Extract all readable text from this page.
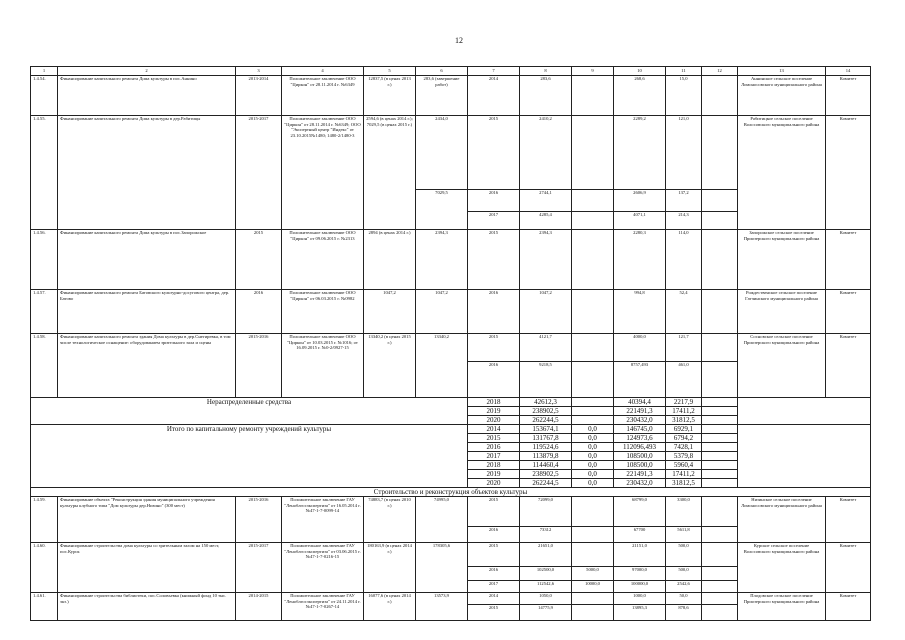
12
1	2	3	4	5	6	7	8	9	10	11	12	13	14
1.4.54.	Финансирование капитального ремонта Дома культуры в пос.Аннино	2013-2014	Положительное заключение ООО "Циркон" от 28.11.2014 г. №6349	12837,5 (в ценах 2013 г.)	283,6 (завершение работ)	2014	283,6		268,6	15,0		Аннинское сельское поселение Ломоносовского муниципального района	Комитет
1.4.55.	Финансирование капитального ремонта Дома культуры в дер.Рабитицы	2015-2017	Положительное заключение ООО "Циркон" от 28.11.2014 г. №6349; ООО "Экспертный центр "Индекс" от 23.10.2015№1480; 1480-2/1480-3	2594,6 (в ценах 2014 г.); 7029,5 (в ценах 2015 г.)	2434,0	2015	2410,2		2289,2	121,0		Рабитицкое сельское поселение Волосовского муниципального района	Комитет
					7029,5	2016	2744,1		2606,9	137,2			
						2017	4285,4		4071,1	214,3			
1.4.56.	Финансирование капитального ремонта Дома культуры в пос.Запорожское	2015	Положительное заключение ООО "Циркон" от 09.06.2015 г. №2313	2894 (в ценах 2014 г.)	2394,3	2015	2394,3		2280,3	114,0		Запорожское сельское поселение Приозерского муниципального района	Комитет
1.4.57.	Финансирование капитального ремонта Батовского культурно-досугового центра, дер. Батово	2016	Положительное заключение ООО "Циркон" от 06.03.2015 г. №0982	1047,2	1047,2	2016	1047,2		994,8	52,4		Рождественское сельское поселение Гатчинского муниципального района	Комитет
1.4.58.	Финансирование капитального ремонта здания Дома культуры в дер.Снегиревка, в том числе технологическое оснащение: оборудованием зрительного зала и сцены	2015-2016	Положительное заключение ООО "Циркон" от 10.03.2015 г. №1016; от 16.09.2015 г. №0-2/0927-15	13340,2 (в ценах 2015 г.)	13340,2	2015	4121,7		4000,0	121,7		Сосновское сельское поселение Приозерского муниципального района	Комитет
						2016	9218,5		8757,493	461,0			
Нераспределенные средства						2018	42612,3		40394,4	2217,9			
						2019	238902,5		221491,3	17411,2			
						2020	262244,5		230432,0	31812,5			
Итого по капитальному ремонту учреждений культуры						2014	153674,1	0,0	146745,0	6929,1			
						2015	131767,8	0,0	124973,6	6794,2			
						2016	119524,6	0,0	112096,493	7428,1			
						2017	113879,8	0,0	108500,0	5379,8			
						2018	114460,4	0,0	108500,0	5960,4			
						2019	238902,5	0,0	221491,3	17411,2			
						2020	262244,5	0,0	230432,0	31812,5			
Строительство и реконструкция объектов культуры													
1.4.59.	Финансирование объекта "Реконструкция здания муниципального учреждения культуры клубного типа "Дом культуры дер.Низино" (300 мест)	2015-2016	Положительное заключение ГАУ "Леноблгосэкспертиза" от 16.05.2014 г. №47-1-7-0099-14	74883,7 (в ценах 2010 г.)	74995,0	2015	72099,0		68799,0	3300,0		Низинское сельское поселение Ломоносовского муниципального района	Комитет
						2016	73312		67700	5611,8			
1.4.60.	Финансирование строительства дома культуры со зрительным залом на 150 мест, пос.Курск	2015-2017	Положительное заключение ГАУ "Леноблгосэкспертиза" от 03.06.2015 г. №47-1-7-0216-15	180163,9 (в ценах 2014 г.)	178305,6	2015	21651,0		21151,0	500,0		Курское сельское поселение Волосовского муниципального района	Комитет
						2016	102500,0	5000,0	97000,0	500,0			
						2017	112542,6	10000,0	100000,0	2542,6			
1.4.61.	Финансирование строительства библиотеки, пос.Соловьевка (книжный фонд 10 тыс. экз.)	2014-2015	Положительное заключение ГАУ "Леноблгосэкспертиза" от 24.11.2014 г. №47-1-7-0267-14	16077,6 (в ценах 2014 г.)	13573,9	2014	1050,0		1000,0	50,0		Плодовское сельское поселение Приозерского муниципального района	Комитет
						2015	14775,9		13895,3	878,6			
